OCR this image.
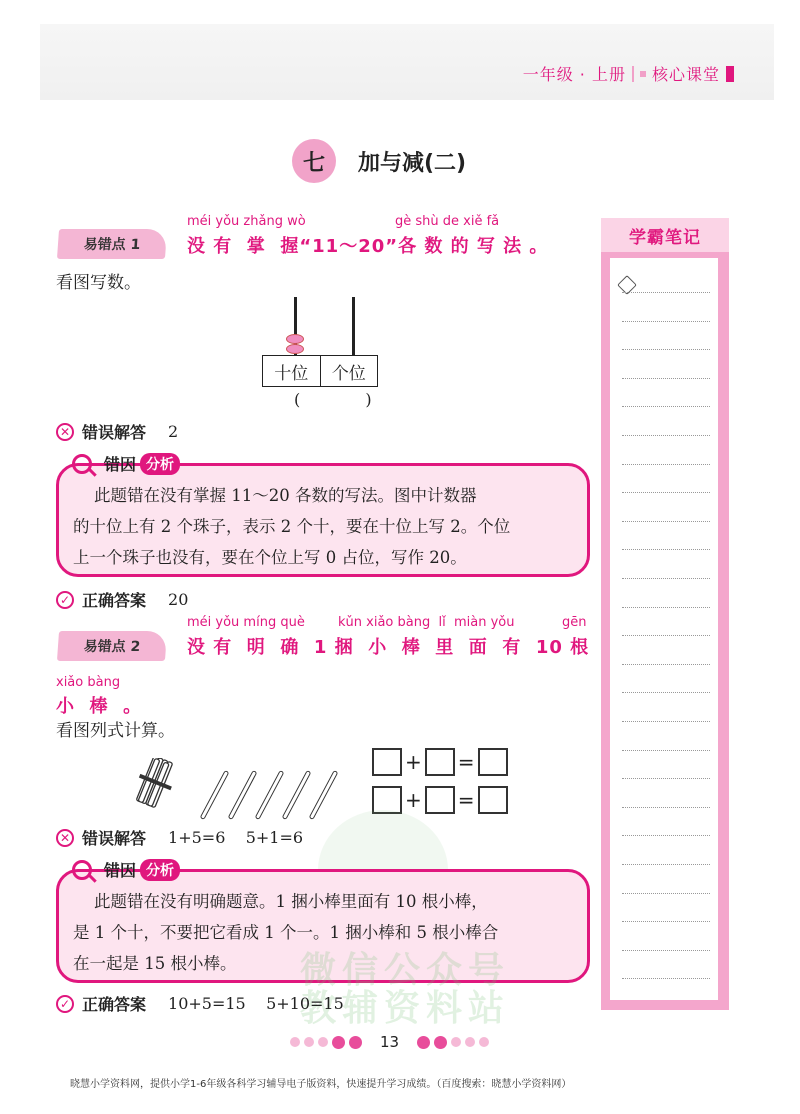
一年级 · 上册 核心课堂
七	加与减(二)
学霸笔记
易错点 1
méi yǒu zhǎng wò	gè shù de xiě fǎ
没 有  掌  握“11～20”各 数 的 写 法 。
看图写数。
十位	个位
( )
✕ 错误解答 2
此题错在没有掌握 11～20 各数的写法。图中计数器
的十位上有 2 个珠子，表示 2 个十，要在十位上写 2。个位
上一个珠子也没有，要在个位上写 0 占位，写作 20。
错因 分析
✓ 正确答案 20
易错点 2
méi yǒu míng què	kǔn xiǎo bàng  lǐ  miàn yǒu	gēn
没 有  明  确  1 捆  小  棒  里  面  有  10 根
xiǎo bàng
小  棒  。
看图列式计算。
+ =
+ =
✕ 错误解答 1+5=6    5+1=6
此题错在没有明确题意。1 捆小棒里面有 10 根小棒，
是 1 个十，不要把它看成 1 个一。1 捆小棒和 5 根小棒合
在一起是 15 根小棒。
错因 分析
微信公众号
教辅资料站
✓ 正确答案 10+5=15    5+10=15
13
晓慧小学资料网，提供小学1-6年级各科学习辅导电子版资料，快速提升学习成绩。（百度搜索：晓慧小学资料网）
